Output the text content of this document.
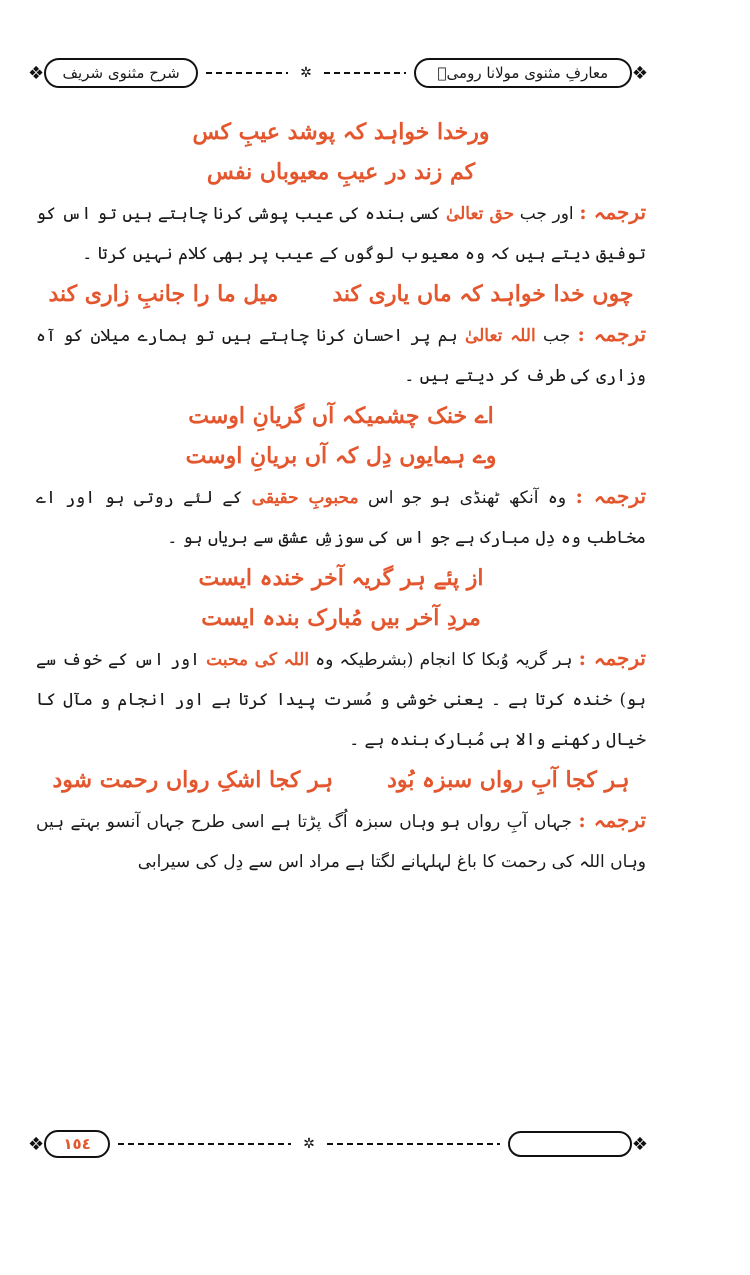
❖
معارفِ مثنوی مولانا رومیؒ
✲
شرح مثنوی شریف
❖
ورخدا خواہد کہ پوشد عیبِ کس
کم زند در عیبِ معیوباں نفس

ترجمہ : اور جب حق تعالیٰ کسی بندہ کی عیب پوشی کرنا چاہتے ہیں تو اس کو توفیق دیتے ہیں کہ وہ معیوب لوگوں کے عیب پر بھی کلام نہیں کرتا ۔

چوں خدا خواہد کہ ماں یاری کند
میل ما را جانبِ زاری کند

ترجمہ : جب اللہ تعالیٰ ہم پر احسان کرنا چاہتے ہیں تو ہمارے میلان کو آہ وزاری کی طرف کر دیتے ہیں ۔

اے خنک چشمیکہ آں گریانِ اوست
وے ہمایوں دِل کہ آں بریانِ اوست

ترجمہ : وہ آنکھ ٹھنڈی ہو جو اس محبوبِ حقیقی کے لئے روتی ہو اور اے مخاطب وہ دِل مبارک ہے جو اس کی سوزشِ عشق سے بریاں ہو ۔

از پئے ہر گریہ آخر خندہ ایست
مردِ آخر بیں مُبارک بندہ ایست

ترجمہ : ہر گریہ وُبکا کا انجام (بشرطیکہ وہ اللہ کی محبت اور اس کے خوف سے ہو) خندہ کرتا ہے ۔ یعنی خوشی و مُسرت پیدا کرتا ہے اور انجام و مآل کا خیال رکھنے والا ہی مُبارک بندہ ہے ۔

ہر کجا آبِ رواں سبزہ بُود
ہر کجا اشکِ رواں رحمت شود

ترجمہ : جہاں آبِ رواں ہو وہاں سبزہ اُگ پڑتا ہے اسی طرح جہاں آنسو بہتے ہیں وہاں اللہ کی رحمت کا باغ لہلہانے لگتا ہے مراد اس سے دِل کی سیرابی

❖	١٥٤	✲	❖
